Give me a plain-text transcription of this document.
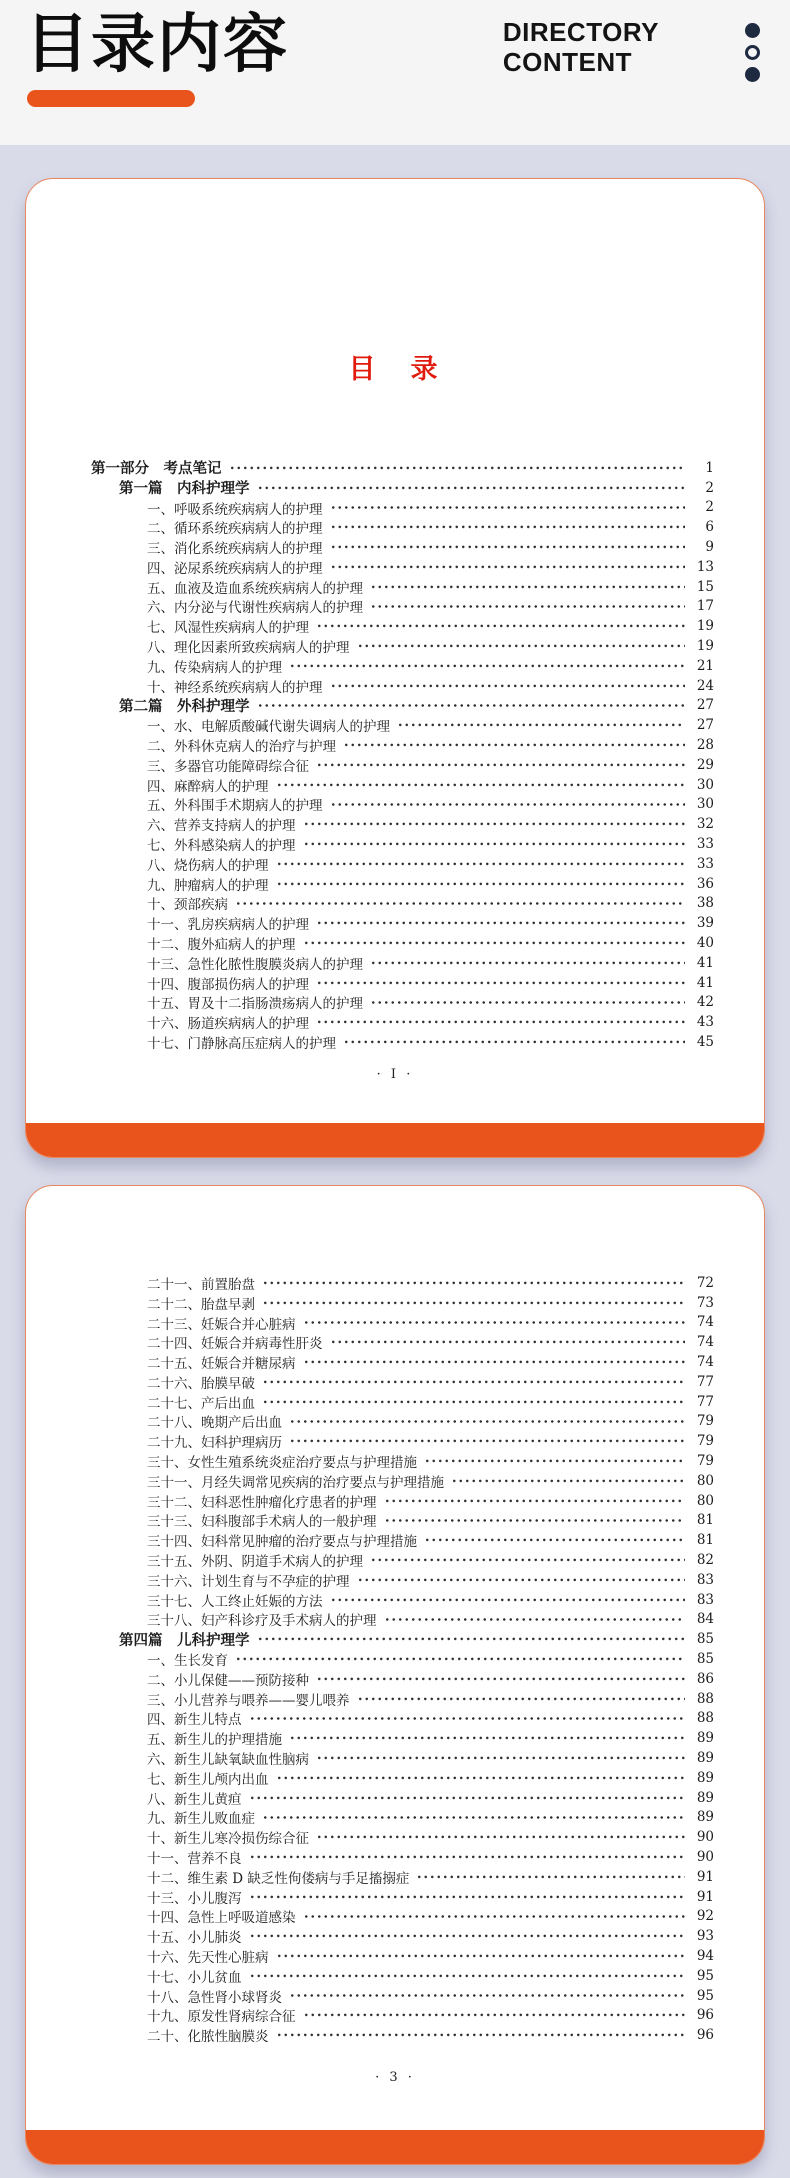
目录内容	DIRECTORY
CONTENT
目　录
第一部分　考点笔记	1
第一篇　内科护理学	2
一、呼吸系统疾病病人的护理	2
二、循环系统疾病病人的护理	6
三、消化系统疾病病人的护理	9
四、泌尿系统疾病病人的护理	13
五、血液及造血系统疾病病人的护理	15
六、内分泌与代谢性疾病病人的护理	17
七、风湿性疾病病人的护理	19
八、理化因素所致疾病病人的护理	19
九、传染病病人的护理	21
十、神经系统疾病病人的护理	24
第二篇　外科护理学	27
一、水、电解质酸碱代谢失调病人的护理	27
二、外科休克病人的治疗与护理	28
三、多器官功能障碍综合征	29
四、麻醉病人的护理	30
五、外科围手术期病人的护理	30
六、营养支持病人的护理	32
七、外科感染病人的护理	33
八、烧伤病人的护理	33
九、肿瘤病人的护理	36
十、颈部疾病	38
十一、乳房疾病病人的护理	39
十二、腹外疝病人的护理	40
十三、急性化脓性腹膜炎病人的护理	41
十四、腹部损伤病人的护理	41
十五、胃及十二指肠溃疡病人的护理	42
十六、肠道疾病病人的护理	43
十七、门静脉高压症病人的护理	45
· I ·
二十一、前置胎盘	72
二十二、胎盘早剥	73
二十三、妊娠合并心脏病	74
二十四、妊娠合并病毒性肝炎	74
二十五、妊娠合并糖尿病	74
二十六、胎膜早破	77
二十七、产后出血	77
二十八、晚期产后出血	79
二十九、妇科护理病历	79
三十、女性生殖系统炎症治疗要点与护理措施	79
三十一、月经失调常见疾病的治疗要点与护理措施	80
三十二、妇科恶性肿瘤化疗患者的护理	80
三十三、妇科腹部手术病人的一般护理	81
三十四、妇科常见肿瘤的治疗要点与护理措施	81
三十五、外阴、阴道手术病人的护理	82
三十六、计划生育与不孕症的护理	83
三十七、人工终止妊娠的方法	83
三十八、妇产科诊疗及手术病人的护理	84
第四篇　儿科护理学	85
一、生长发育	85
二、小儿保健——预防接种	86
三、小儿营养与喂养——婴儿喂养	88
四、新生儿特点	88
五、新生儿的护理措施	89
六、新生儿缺氧缺血性脑病	89
七、新生儿颅内出血	89
八、新生儿黄疸	89
九、新生儿败血症	89
十、新生儿寒冷损伤综合征	90
十一、营养不良	90
十二、维生素 D 缺乏性佝偻病与手足搐搦症	91
十三、小儿腹泻	91
十四、急性上呼吸道感染	92
十五、小儿肺炎	93
十六、先天性心脏病	94
十七、小儿贫血	95
十八、急性肾小球肾炎	95
十九、原发性肾病综合征	96
二十、化脓性脑膜炎	96
· 3 ·
